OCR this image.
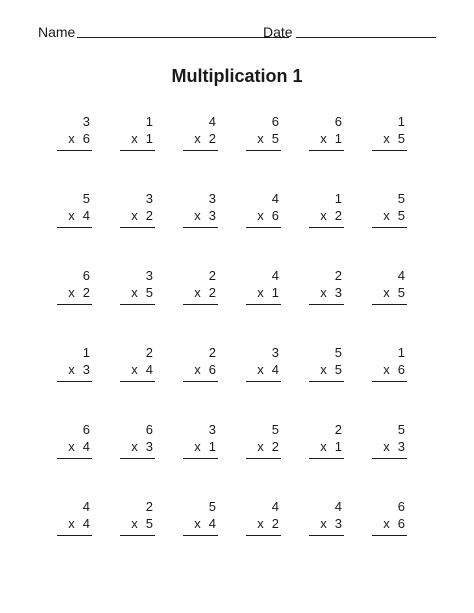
Name	Date
Multiplication 1
3
x 6
1
x 1
4
x 2
6
x 5
6
x 1
1
x 5
5
x 4
3
x 2
3
x 3
4
x 6
1
x 2
5
x 5
6
x 2
3
x 5
2
x 2
4
x 1
2
x 3
4
x 5
1
x 3
2
x 4
2
x 6
3
x 4
5
x 5
1
x 6
6
x 4
6
x 3
3
x 1
5
x 2
2
x 1
5
x 3
4
x 4
2
x 5
5
x 4
4
x 2
4
x 3
6
x 6
